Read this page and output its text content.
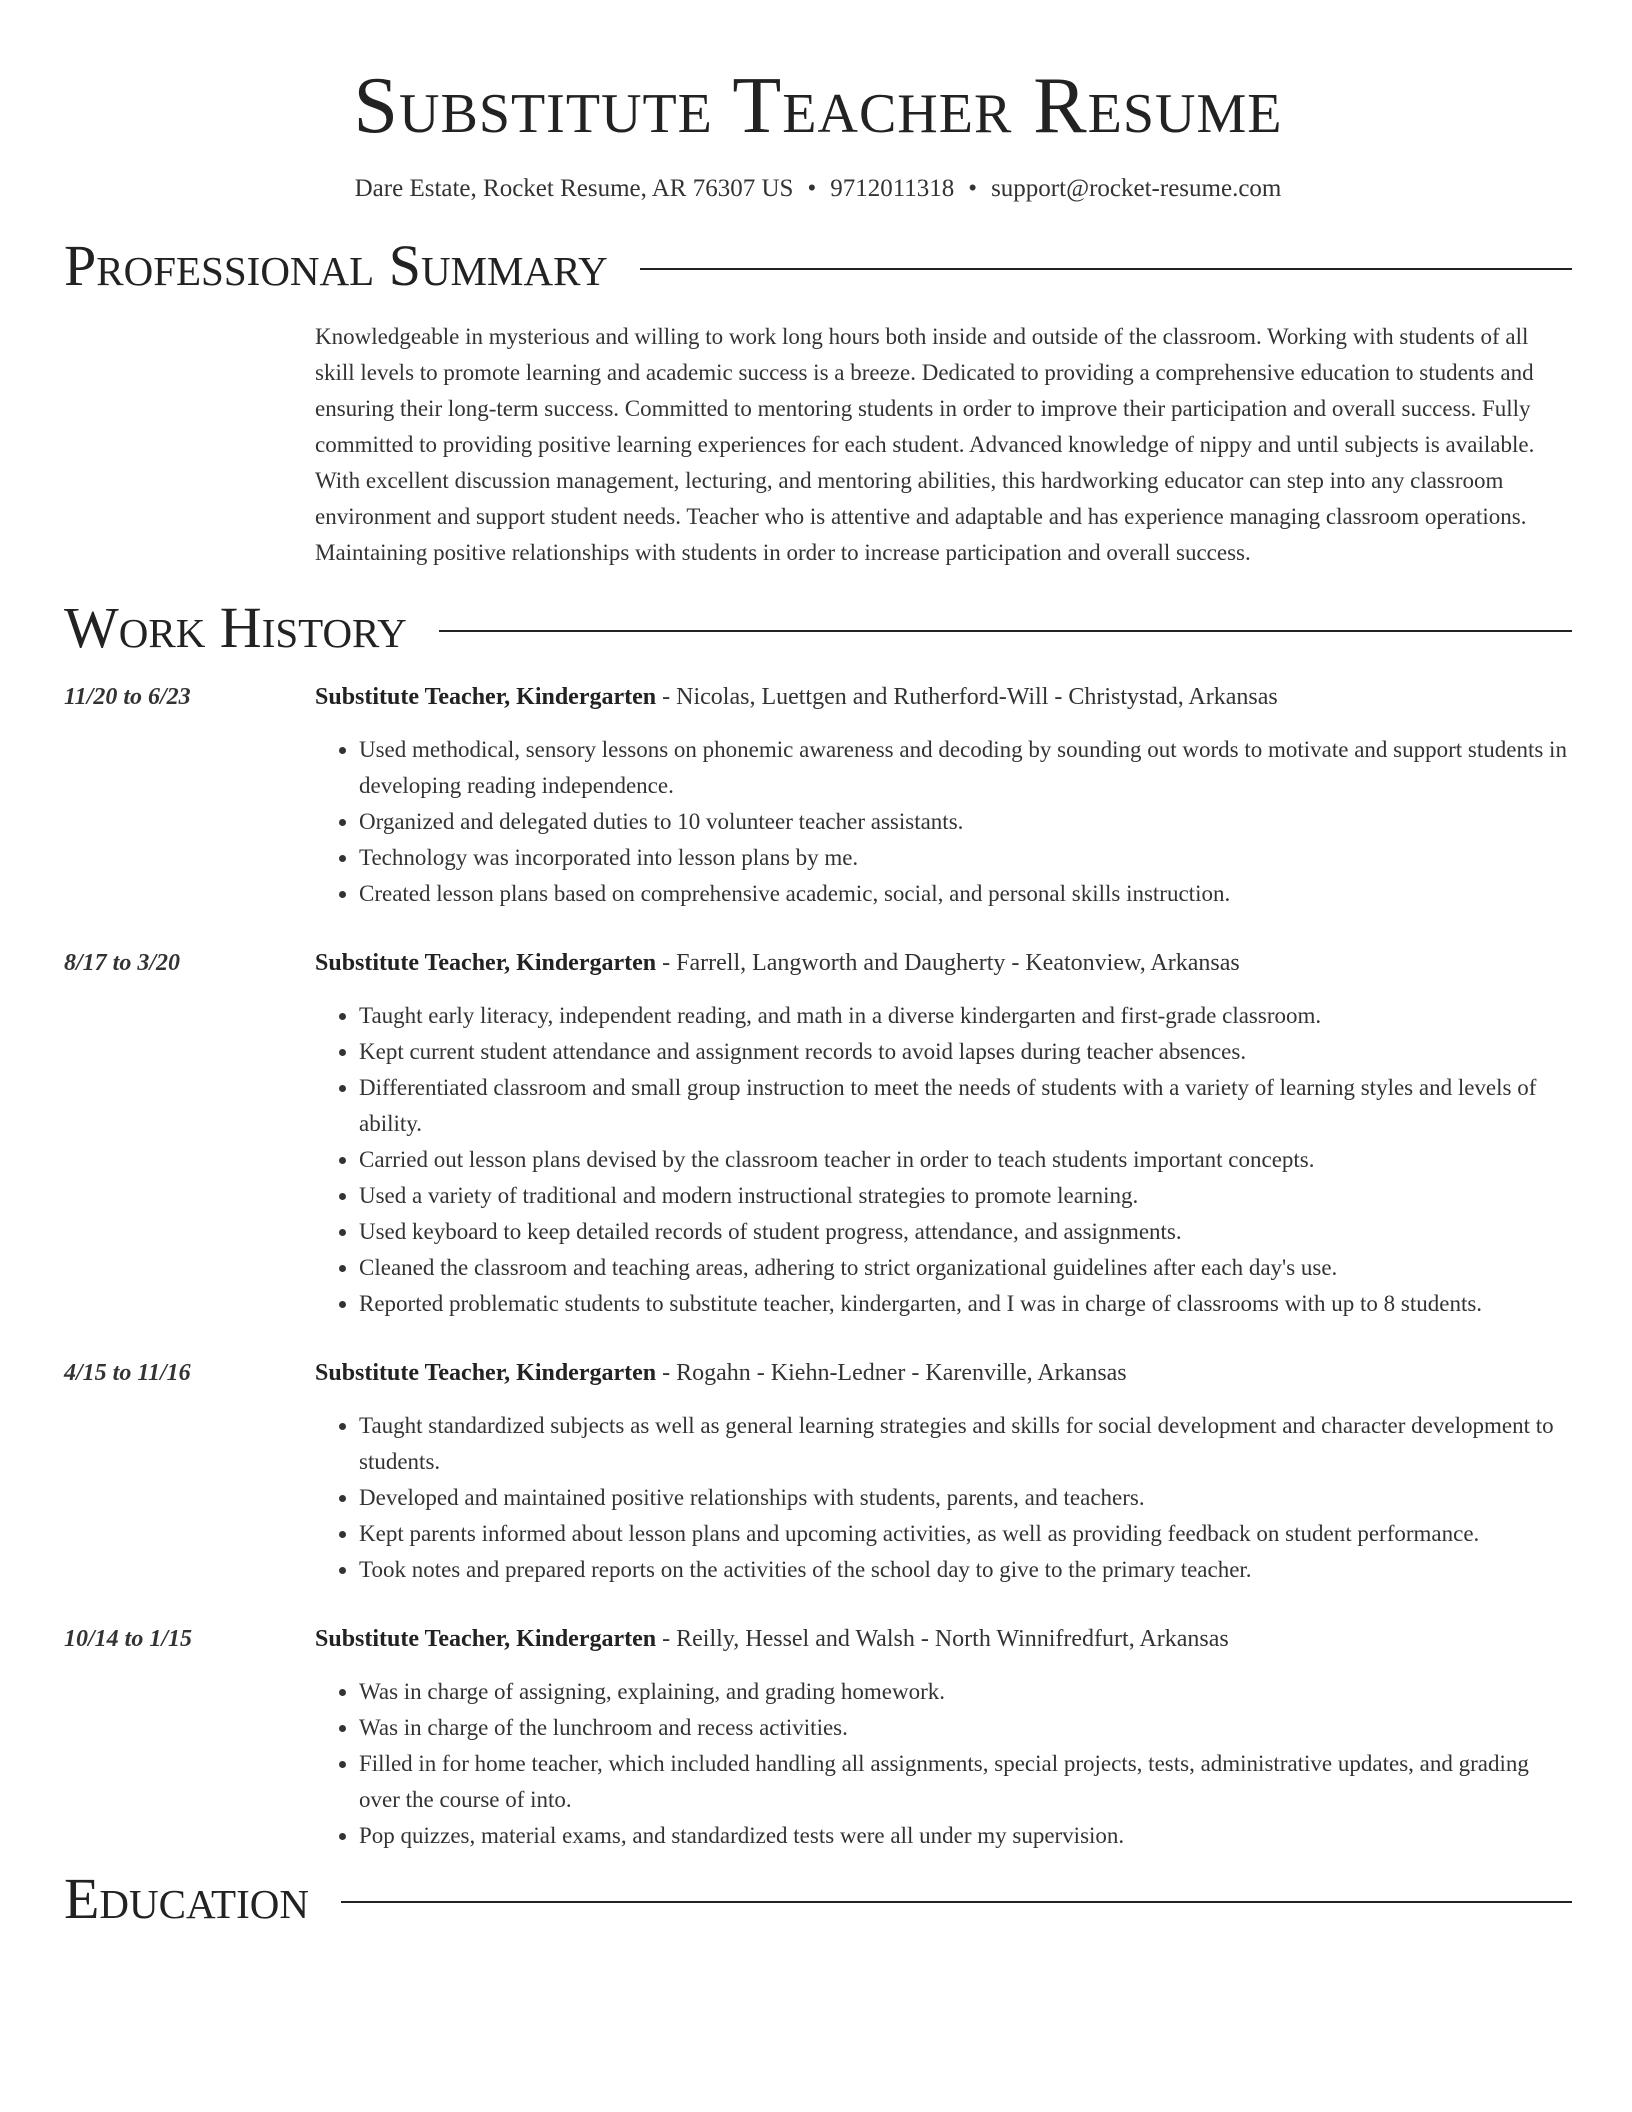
Substitute Teacher Resume
Dare Estate, Rocket Resume, AR 76307 US • 9712011318 • support@rocket-resume.com
Professional Summary
Knowledgeable in mysterious and willing to work long hours both inside and outside of the classroom. Working with students of all skill levels to promote learning and academic success is a breeze. Dedicated to providing a comprehensive education to students and ensuring their long-term success. Committed to mentoring students in order to improve their participation and overall success. Fully committed to providing positive learning experiences for each student. Advanced knowledge of nippy and until subjects is available. With excellent discussion management, lecturing, and mentoring abilities, this hardworking educator can step into any classroom environment and support student needs. Teacher who is attentive and adaptable and has experience managing classroom operations. Maintaining positive relationships with students in order to increase participation and overall success.
Work History
11/20 to 6/23	Substitute Teacher, Kindergarten - Nicolas, Luettgen and Rutherford-Will - Christystad, Arkansas
• Used methodical, sensory lessons on phonemic awareness and decoding by sounding out words to motivate and support students in developing reading independence.
• Organized and delegated duties to 10 volunteer teacher assistants.
• Technology was incorporated into lesson plans by me.
• Created lesson plans based on comprehensive academic, social, and personal skills instruction.
8/17 to 3/20	Substitute Teacher, Kindergarten - Farrell, Langworth and Daugherty - Keatonview, Arkansas
• Taught early literacy, independent reading, and math in a diverse kindergarten and first-grade classroom.
• Kept current student attendance and assignment records to avoid lapses during teacher absences.
• Differentiated classroom and small group instruction to meet the needs of students with a variety of learning styles and levels of ability.
• Carried out lesson plans devised by the classroom teacher in order to teach students important concepts.
• Used a variety of traditional and modern instructional strategies to promote learning.
• Used keyboard to keep detailed records of student progress, attendance, and assignments.
• Cleaned the classroom and teaching areas, adhering to strict organizational guidelines after each day's use.
• Reported problematic students to substitute teacher, kindergarten, and I was in charge of classrooms with up to 8 students.
4/15 to 11/16	Substitute Teacher, Kindergarten - Rogahn - Kiehn-Ledner - Karenville, Arkansas
• Taught standardized subjects as well as general learning strategies and skills for social development and character development to students.
• Developed and maintained positive relationships with students, parents, and teachers.
• Kept parents informed about lesson plans and upcoming activities, as well as providing feedback on student performance.
• Took notes and prepared reports on the activities of the school day to give to the primary teacher.
10/14 to 1/15	Substitute Teacher, Kindergarten - Reilly, Hessel and Walsh - North Winnifredfurt, Arkansas
• Was in charge of assigning, explaining, and grading homework.
• Was in charge of the lunchroom and recess activities.
• Filled in for home teacher, which included handling all assignments, special projects, tests, administrative updates, and grading over the course of into.
• Pop quizzes, material exams, and standardized tests were all under my supervision.
Education
